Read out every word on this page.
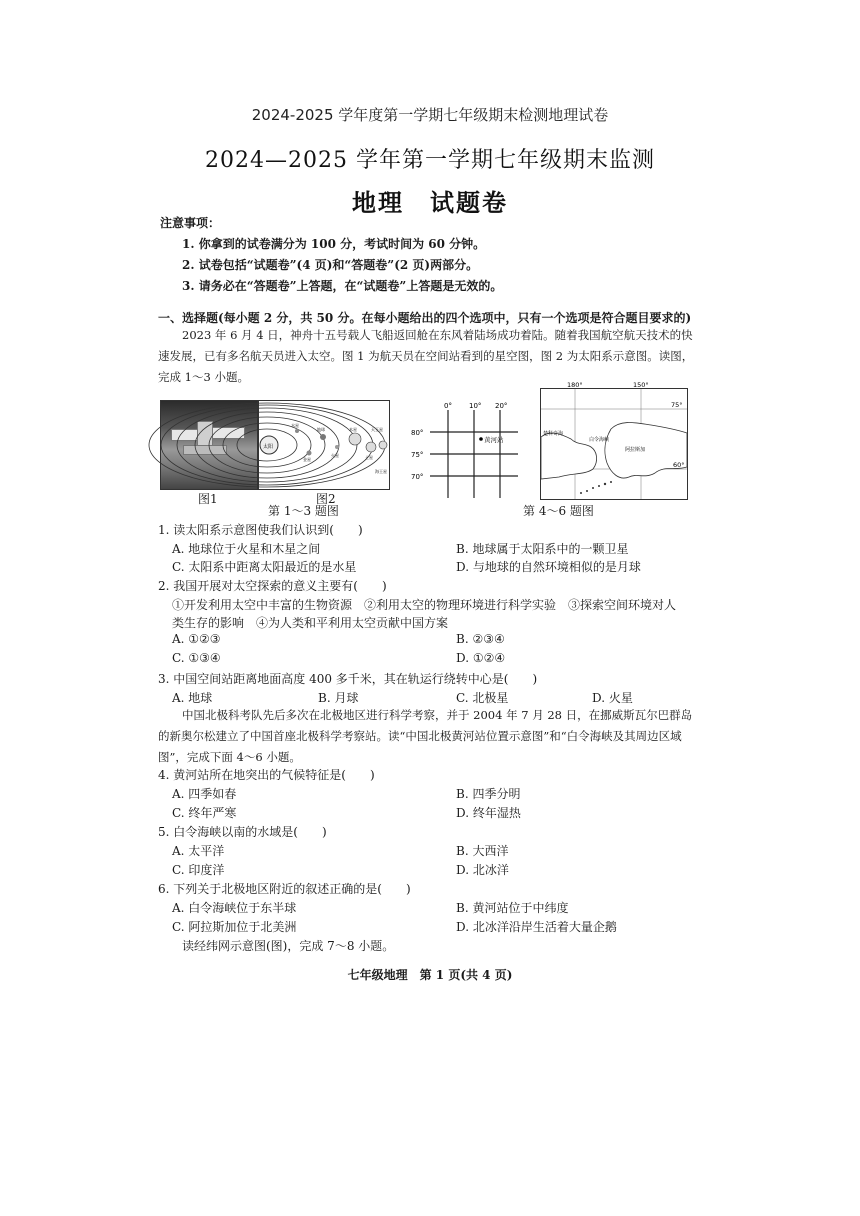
2024-2025 学年度第一学期七年级期末检测地理试卷
2024—2025 学年第一学期七年级期末监测
地理　试题卷
注意事项：
1. 你拿到的试卷满分为 100 分，考试时间为 60 分钟。
2. 试卷包括“试题卷”(4 页)和“答题卷”(2 页)两部分。
3. 请务必在“答题卷”上答题，在“试题卷”上答题是无效的。
一、选择题(每小题 2 分，共 50 分。在每小题给出的四个选项中，只有一个选项是符合题目要求的)
2023 年 6 月 4 日，神舟十五号载人飞船返回舱在东风着陆场成功着陆。随着我国航空航天技术的快速发展，已有多名航天员进入太空。图 1 为航天员在空间站看到的星空图，图 2 为太阳系示意图。读图，完成 1～3 小题。
图1
太阳
水星
金星
地球
火星
木星
土星
天王星
海王星
图2
第 1～3 题图
0° 10° 20°
80°
75°
70°
黄河站
180°	150°
75°
60°
楚科奇海
白令海峡
阿拉斯加
第 4～6 题图
1. 读太阳系示意图使我们认识到(　　)
A. 地球位于火星和木星之间	B. 地球属于太阳系中的一颗卫星
C. 太阳系中距离太阳最近的是水星	D. 与地球的自然环境相似的是月球
2. 我国开展对太空探索的意义主要有(　　)
①开发利用太空中丰富的生物资源　②利用太空的物理环境进行科学实验　③探索空间环境对人
类生存的影响　④为人类和平利用太空贡献中国方案
A. ①②③	B. ②③④
C. ①③④	D. ①②④
3. 中国空间站距离地面高度 400 多千米，其在轨运行绕转中心是(　　)
A. 地球	B. 月球	C. 北极星	D. 火星
中国北极科考队先后多次在北极地区进行科学考察，并于 2004 年 7 月 28 日，在挪威斯瓦尔巴群岛的新奥尔松建立了中国首座北极科学考察站。读“中国北极黄河站位置示意图”和“白令海峡及其周边区域图”，完成下面 4～6 小题。
4. 黄河站所在地突出的气候特征是(　　)
A. 四季如春	B. 四季分明
C. 终年严寒	D. 终年湿热
5. 白令海峡以南的水域是(　　)
A. 太平洋	B. 大西洋
C. 印度洋	D. 北冰洋
6. 下列关于北极地区附近的叙述正确的是(　　)
A. 白令海峡位于东半球	B. 黄河站位于中纬度
C. 阿拉斯加位于北美洲	D. 北冰洋沿岸生活着大量企鹅
读经纬网示意图(图)，完成 7～8 小题。
七年级地理　第 1 页(共 4 页)
